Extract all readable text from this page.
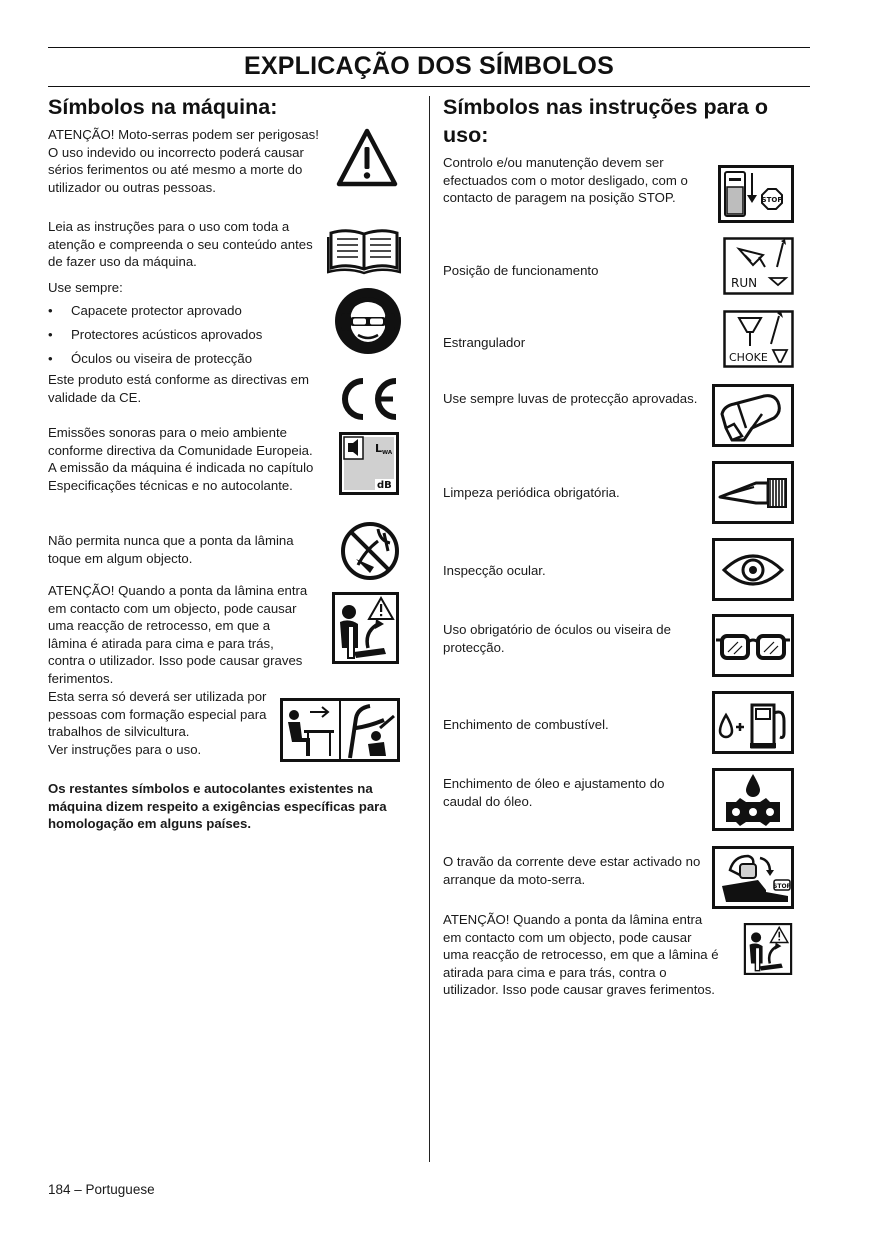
EXPLICAÇÃO DOS SÍMBOLOS
Símbolos na máquina:
ATENÇÃO! Moto-serras podem ser perigosas! O uso indevido ou incorrecto poderá causar sérios ferimentos ou até mesmo a morte do utilizador ou outras pessoas.
Leia as instruções para o uso com toda a atenção e compreenda o seu conteúdo antes de fazer uso da máquina.
Use sempre:
• Capacete protector aprovado
• Protectores acústicos aprovados
• Óculos ou viseira de protecção
Este produto está conforme as directivas em validade da CE.
Emissões sonoras para o meio ambiente conforme directiva da Comunidade Europeia. A emissão da máquina é indicada no capítulo Especificações técnicas e no autocolante.
LWA
dB
Não permita nunca que a ponta da lâmina toque em algum objecto.
ATENÇÃO! Quando a ponta da lâmina entra em contacto com um objecto, pode causar uma reacção de retrocesso, em que a lâmina é atirada para cima e para trás, contra o utilizador. Isso pode causar graves ferimentos.
Esta serra só deverá ser utilizada por pessoas com formação especial para trabalhos de silvicultura.
Ver instruções para o uso.
Os restantes símbolos e autocolantes existentes na máquina dizem respeito a exigências específicas para homologação em alguns países.
Símbolos nas instruções para o uso:
Controlo e/ou manutenção devem ser efectuados com o motor desligado, com o contacto de paragem na posição STOP.	STOP
Posição de funcionamento
RUN
Estrangulador
CHOKE
Use sempre luvas de protecção aprovadas.
Limpeza periódica obrigatória.
Inspecção ocular.
Uso obrigatório de óculos ou viseira de protecção.
Enchimento de combustível.
Enchimento de óleo e ajustamento do caudal do óleo.
O travão da corrente deve estar activado no arranque da moto-serra.	STOP
ATENÇÃO! Quando a ponta da lâmina entra em contacto com um objecto, pode causar uma reacção de retrocesso, em que a lâmina é atirada para cima e para trás, contra o utilizador. Isso pode causar graves ferimentos.
184 – Portuguese
